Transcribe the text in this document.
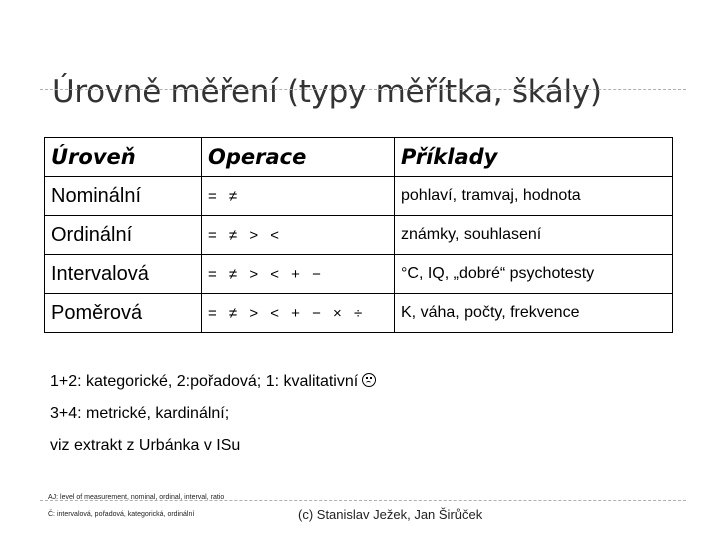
Úrovně měření (typy měřítka, škály)
Úroveň	Operace	Příklady
Nominální	= ≠	pohlaví, tramvaj, hodnota
Ordinální	= ≠ > <	známky, souhlasení
Intervalová	= ≠ > < + −	°C, IQ, „dobré“ psychotesty
Poměrová	= ≠ > < + − × ÷	K, váha, počty, frekvence
1+2: kategorické, 2:pořadová; 1: kvalitativní
3+4: metrické, kardinální;
viz extrakt z Urbánka v ISu
AJ: level of measurement, nominal, ordinal, interval, ratio
Č: intervalová, pořadová, kategorická, ordinální	(c) Stanislav Ježek, Jan Širůček
